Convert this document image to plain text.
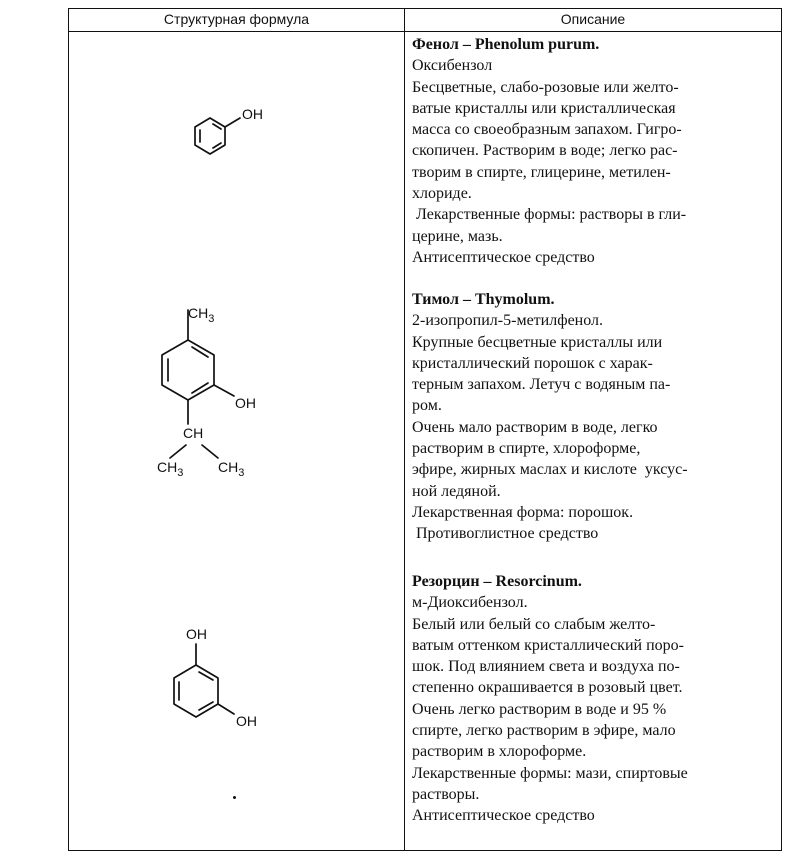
Структурная формула	Описание
OH
$CH_3$
OH
CH
$CH_3$ $CH_3$
OH
OH
Фенол – Phenolum purum.
Оксибензол
Бесцветные, слабо-розовые или желто-
ватые кристаллы или кристаллическая
масса со своеобразным запахом. Гигро-
скопичен. Растворим в воде; легко рас-
творим в спирте, глицерине, метилен-
хлориде.
Лекарственные формы: растворы в гли-
церине, мазь.
Антисептическое средство
Тимол – Thymolum.
2-изопропил-5-метилфенол.
Крупные бесцветные кристаллы или
кристаллический порошок с харак-
терным запахом. Летуч с водяным па-
ром.
Очень мало растворим в воде, легко
растворим в спирте, хлороформе,
эфире, жирных маслах и кислоте  уксус-
ной ледяной.
Лекарственная форма: порошок.
Противоглистное средство
Резорцин – Resorcinum.
м-Диоксибензол.
Белый или белый со слабым желто-
ватым оттенком кристаллический поро-
шок. Под влиянием света и воздуха по-
степенно окрашивается в розовый цвет.
Очень легко растворим в воде и 95 %
спирте, легко растворим в эфире, мало
растворим в хлороформе.
Лекарственные формы: мази, спиртовые
растворы.
Антисептическое средство
